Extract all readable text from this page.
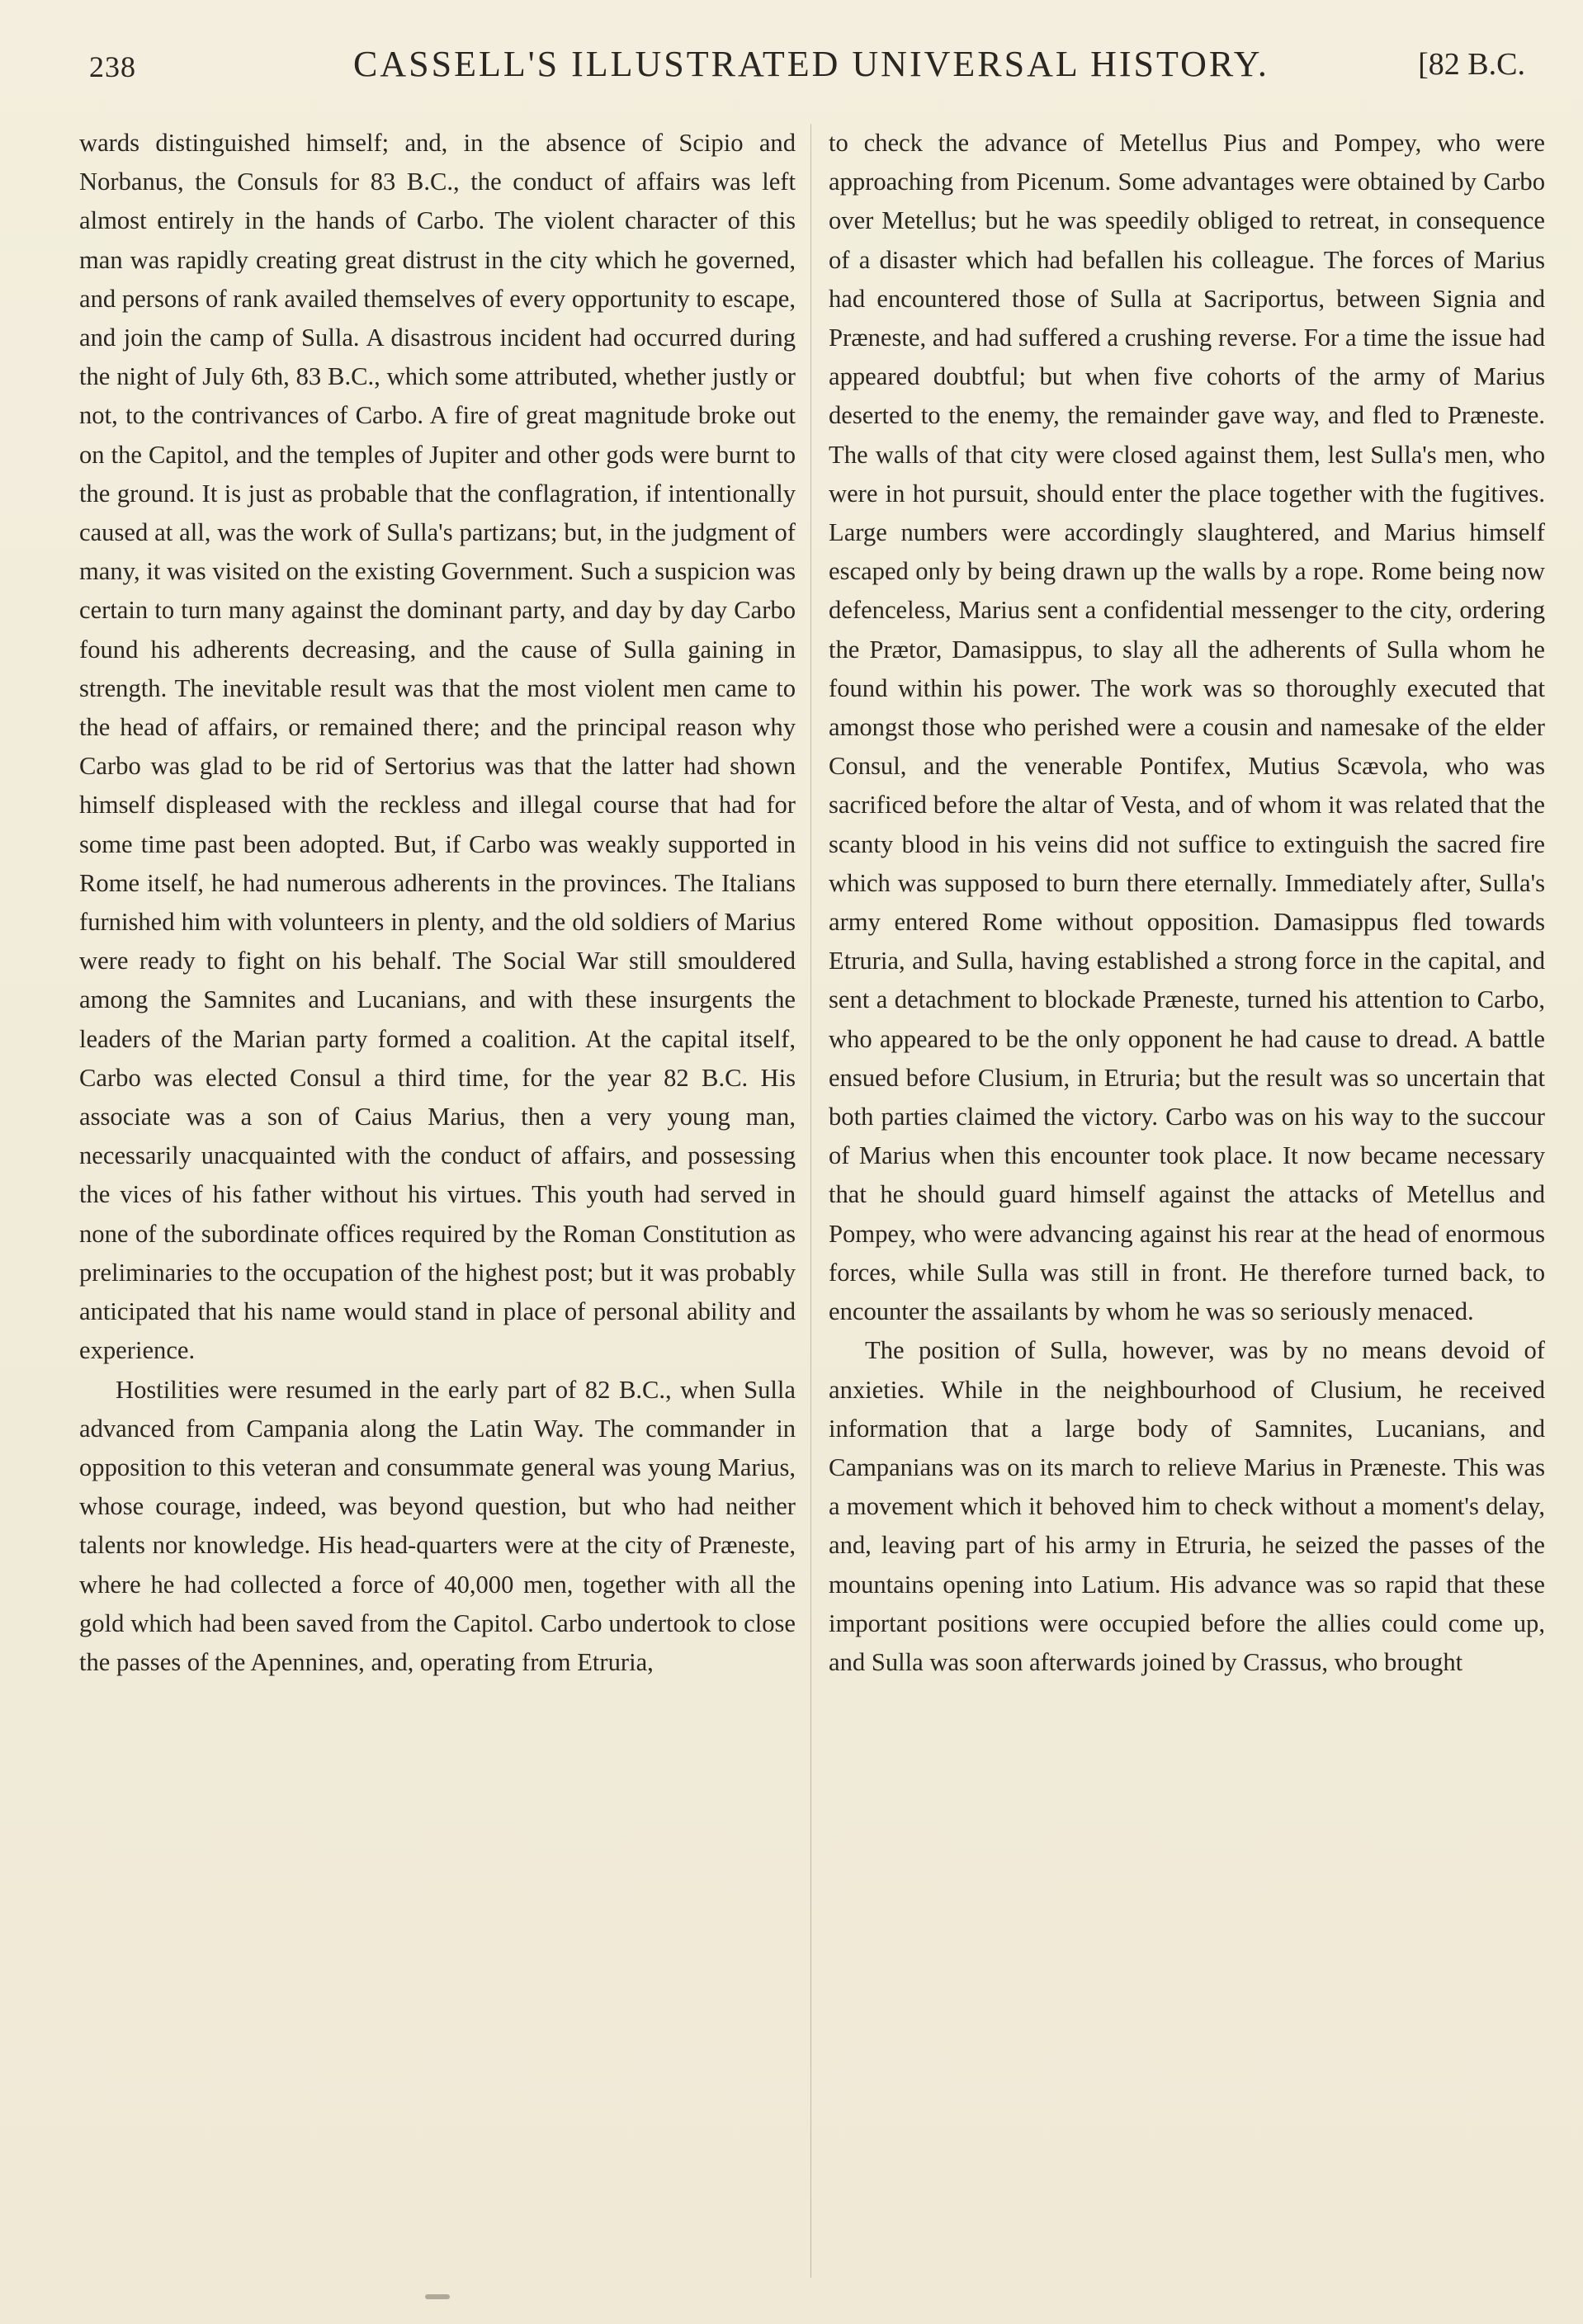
238	CASSELL'S ILLUSTRATED UNIVERSAL HISTORY.	[82 B.C.

wards distinguished himself; and, in the absence of Scipio and Norbanus, the Consuls for 83 B.C., the conduct of affairs was left almost entirely in the hands of Carbo. The violent character of this man was rapidly creating great distrust in the city which he governed, and persons of rank availed themselves of every opportunity to escape, and join the camp of Sulla. A disastrous incident had occurred during the night of July 6th, 83 B.C., which some attributed, whether justly or not, to the contrivances of Carbo. A fire of great magnitude broke out on the Capitol, and the temples of Jupiter and other gods were burnt to the ground. It is just as probable that the conflagration, if intentionally caused at all, was the work of Sulla's partizans; but, in the judgment of many, it was visited on the existing Government. Such a suspicion was certain to turn many against the dominant party, and day by day Carbo found his adherents decreasing, and the cause of Sulla gaining in strength. The inevitable result was that the most violent men came to the head of affairs, or remained there; and the principal reason why Carbo was glad to be rid of Sertorius was that the latter had shown himself displeased with the reckless and illegal course that had for some time past been adopted. But, if Carbo was weakly supported in Rome itself, he had numerous adherents in the provinces. The Italians furnished him with volunteers in plenty, and the old soldiers of Marius were ready to fight on his behalf. The Social War still smouldered among the Samnites and Lucanians, and with these insurgents the leaders of the Marian party formed a coalition. At the capital itself, Carbo was elected Consul a third time, for the year 82 B.C. His associate was a son of Caius Marius, then a very young man, necessarily unacquainted with the conduct of affairs, and possessing the vices of his father without his virtues. This youth had served in none of the subordinate offices required by the Roman Constitution as preliminaries to the occupation of the highest post; but it was probably anticipated that his name would stand in place of personal ability and experience.

Hostilities were resumed in the early part of 82 B.C., when Sulla advanced from Campania along the Latin Way. The commander in opposition to this veteran and consummate general was young Marius, whose courage, indeed, was beyond question, but who had neither talents nor knowledge. His head-quarters were at the city of Præneste, where he had collected a force of 40,000 men, together with all the gold which had been saved from the Capitol. Carbo undertook to close the passes of the Apennines, and, operating from Etruria,

to check the advance of Metellus Pius and Pompey, who were approaching from Picenum. Some advantages were obtained by Carbo over Metellus; but he was speedily obliged to retreat, in consequence of a disaster which had befallen his colleague. The forces of Marius had encountered those of Sulla at Sacriportus, between Signia and Præneste, and had suffered a crushing reverse. For a time the issue had appeared doubtful; but when five cohorts of the army of Marius deserted to the enemy, the remainder gave way, and fled to Præneste. The walls of that city were closed against them, lest Sulla's men, who were in hot pursuit, should enter the place together with the fugitives. Large numbers were accordingly slaughtered, and Marius himself escaped only by being drawn up the walls by a rope. Rome being now defenceless, Marius sent a confidential messenger to the city, ordering the Prætor, Damasippus, to slay all the adherents of Sulla whom he found within his power. The work was so thoroughly executed that amongst those who perished were a cousin and namesake of the elder Consul, and the venerable Pontifex, Mutius Scævola, who was sacrificed before the altar of Vesta, and of whom it was related that the scanty blood in his veins did not suffice to extinguish the sacred fire which was supposed to burn there eternally. Immediately after, Sulla's army entered Rome without opposition. Damasippus fled towards Etruria, and Sulla, having established a strong force in the capital, and sent a detachment to blockade Præneste, turned his attention to Carbo, who appeared to be the only opponent he had cause to dread. A battle ensued before Clusium, in Etruria; but the result was so uncertain that both parties claimed the victory. Carbo was on his way to the succour of Marius when this encounter took place. It now became necessary that he should guard himself against the attacks of Metellus and Pompey, who were advancing against his rear at the head of enormous forces, while Sulla was still in front. He therefore turned back, to encounter the assailants by whom he was so seriously menaced.

The position of Sulla, however, was by no means devoid of anxieties. While in the neighbourhood of Clusium, he received information that a large body of Samnites, Lucanians, and Campanians was on its march to relieve Marius in Præneste. This was a movement which it behoved him to check without a moment's delay, and, leaving part of his army in Etruria, he seized the passes of the mountains opening into Latium. His advance was so rapid that these important positions were occupied before the allies could come up, and Sulla was soon afterwards joined by Crassus, who brought
